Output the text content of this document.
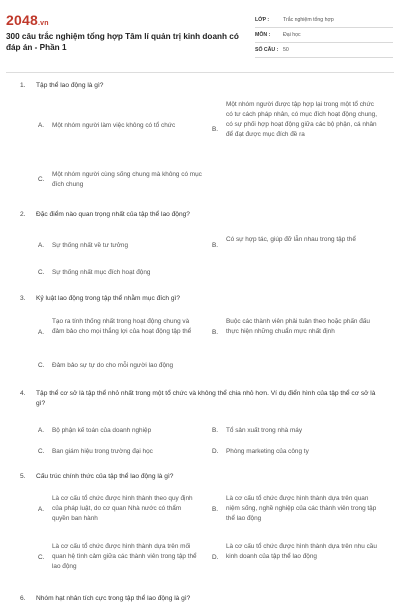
2048.vn
300 câu trắc nghiệm tổng hợp Tâm lí quản trị kinh doanh có đáp án - Phần 1
LỚP :	Trắc nghiệm tổng hợp
MÔN :	Đại học
SỐ CÂU : 50
1. Tập thể lao động là gì?
A. Một nhóm người làm việc không có tổ chức
B.
Một nhóm người được tập hợp lại trong một tổ chức có tư cách pháp nhân, có mục đích hoạt động chung, có sự phối hợp hoạt động giữa các bộ phận, cá nhân để đạt được mục đích đề ra
C.
Một nhóm người cùng sống chung mà không có mục đích chung
2. Đặc điểm nào quan trọng nhất của tập thể lao động?
A. Sự thống nhất về tư tưởng	B.
Có sự hợp tác, giúp đỡ lẫn nhau trong tập thể
C. Sự thống nhất mục đích hoạt động
3. Kỷ luật lao động trong tập thể nhằm mục đích gì?
A.
Tạo ra tính thống nhất trong hoạt động chung và đảm bảo cho mọi thắng lợi của hoạt động tập thể	B.
Buộc các thành viên phải tuân theo hoặc phấn đấu thực hiện những chuẩn mực nhất định
C. Đảm bảo sự tự do cho mỗi người lao động
4.	Tập thể cơ sở là tập thể nhỏ nhất trong một tổ chức và không thể chia nhỏ hơn. Ví dụ điển hình của tập thể cơ sở là gì?
A. Bộ phận kế toán của doanh nghiệp	B. Tổ sản xuất trong nhà máy
C. Ban giám hiệu trong trường đại học	D. Phòng marketing của công ty
5. Cấu trúc chính thức của tập thể lao động là gì?
A.
Là cơ cấu tổ chức được hình thành theo quy định của pháp luật, do cơ quan Nhà nước có thẩm quyền ban hành
B.
Là cơ cấu tổ chức được hình thành dựa trên quan niệm sống, nghề nghiệp của các thành viên trong tập thể lao động
C.
Là cơ cấu tổ chức được hình thành dựa trên mối quan hệ tình cảm giữa các thành viên trong tập thể lao động
D.
Là cơ cấu tổ chức được hình thành dựa trên nhu cầu kinh doanh của tập thể lao động
6. Nhóm hạt nhân tích cực trong tập thể lao động là gì?
